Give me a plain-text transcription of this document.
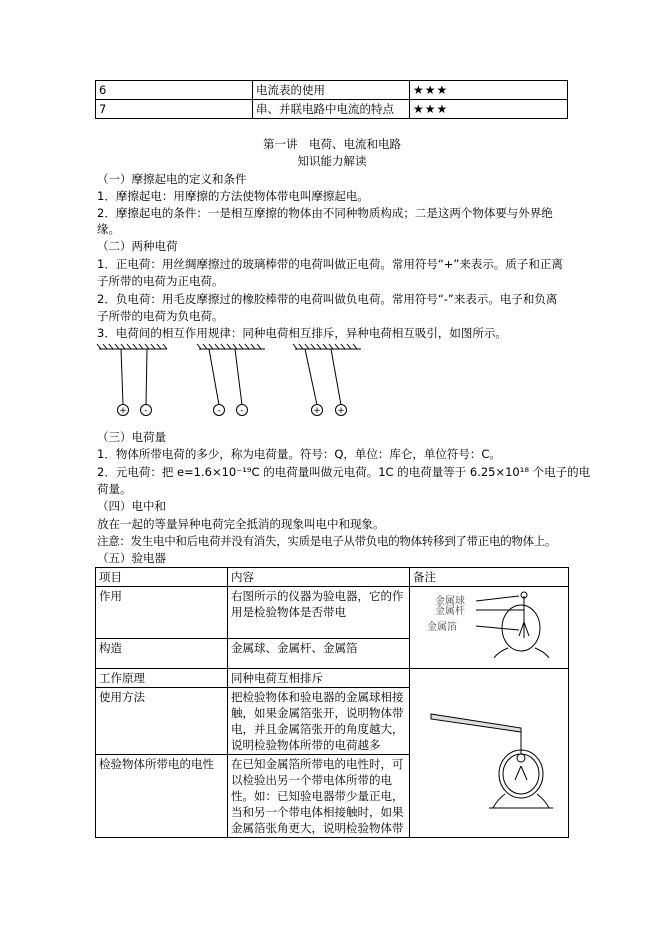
6	电流表的使用	★★★
7	串、并联电路中电流的特点	★★★
第一讲　电荷、电流和电路
知识能力解读
（一）摩擦起电的定义和条件
1．摩擦起电：用摩擦的方法使物体带电叫摩擦起电。
2．摩擦起电的条件：一是相互摩擦的物体由不同种物质构成；二是这两个物体要与外界绝
缘。
（二）两种电荷
1．正电荷：用丝绸摩擦过的玻璃棒带的电荷叫做正电荷。常用符号“+”来表示。质子和正离
子所带的电荷为正电荷。
2．负电荷：用毛皮摩擦过的橡胶棒带的电荷叫做负电荷。常用符号“-”来表示。电子和负离
子所带的电荷为负电荷。
3．电荷间的相互作用规律：同种电荷相互排斥，异种电荷相互吸引，如图所示。
+ -	- -	+ +
（三）电荷量
1．物体所带电荷的多少，称为电荷量。符号：Q，单位：库仑，单位符号：C。
2．元电荷：把 e=1.6×10⁻¹⁹C 的电荷量叫做元电荷。1C 的电荷量等于 6.25×10¹⁸ 个电子的电
荷量。
（四）电中和
放在一起的等量异种电荷完全抵消的现象叫电中和现象。
注意：发生电中和后电荷并没有消失，实质是电子从带负电的物体转移到了带正电的物体上。
（五）验电器
项目	内容	备注
作用	右图所示的仪器为验电器，它的作用是检验物体是否带电	金属球
金属杆
金属箔

构造	金属球、金属杆、金属箔	
工作原理	同种电荷互相排斥	

使用方法	把检验物体和验电器的金属球相接触，如果金属箔张开，说明物体带电，并且金属箔张开的角度越大，说明检验物体所带的电荷越多	
检验物体所带电的电性	在已知金属箔所带电的电性时，可以检验出另一个带电体所带的电性。如：已知验电器带少量正电，当和另一个带电体相接触时，如果金属箔张角更大，说明检验物体带	
